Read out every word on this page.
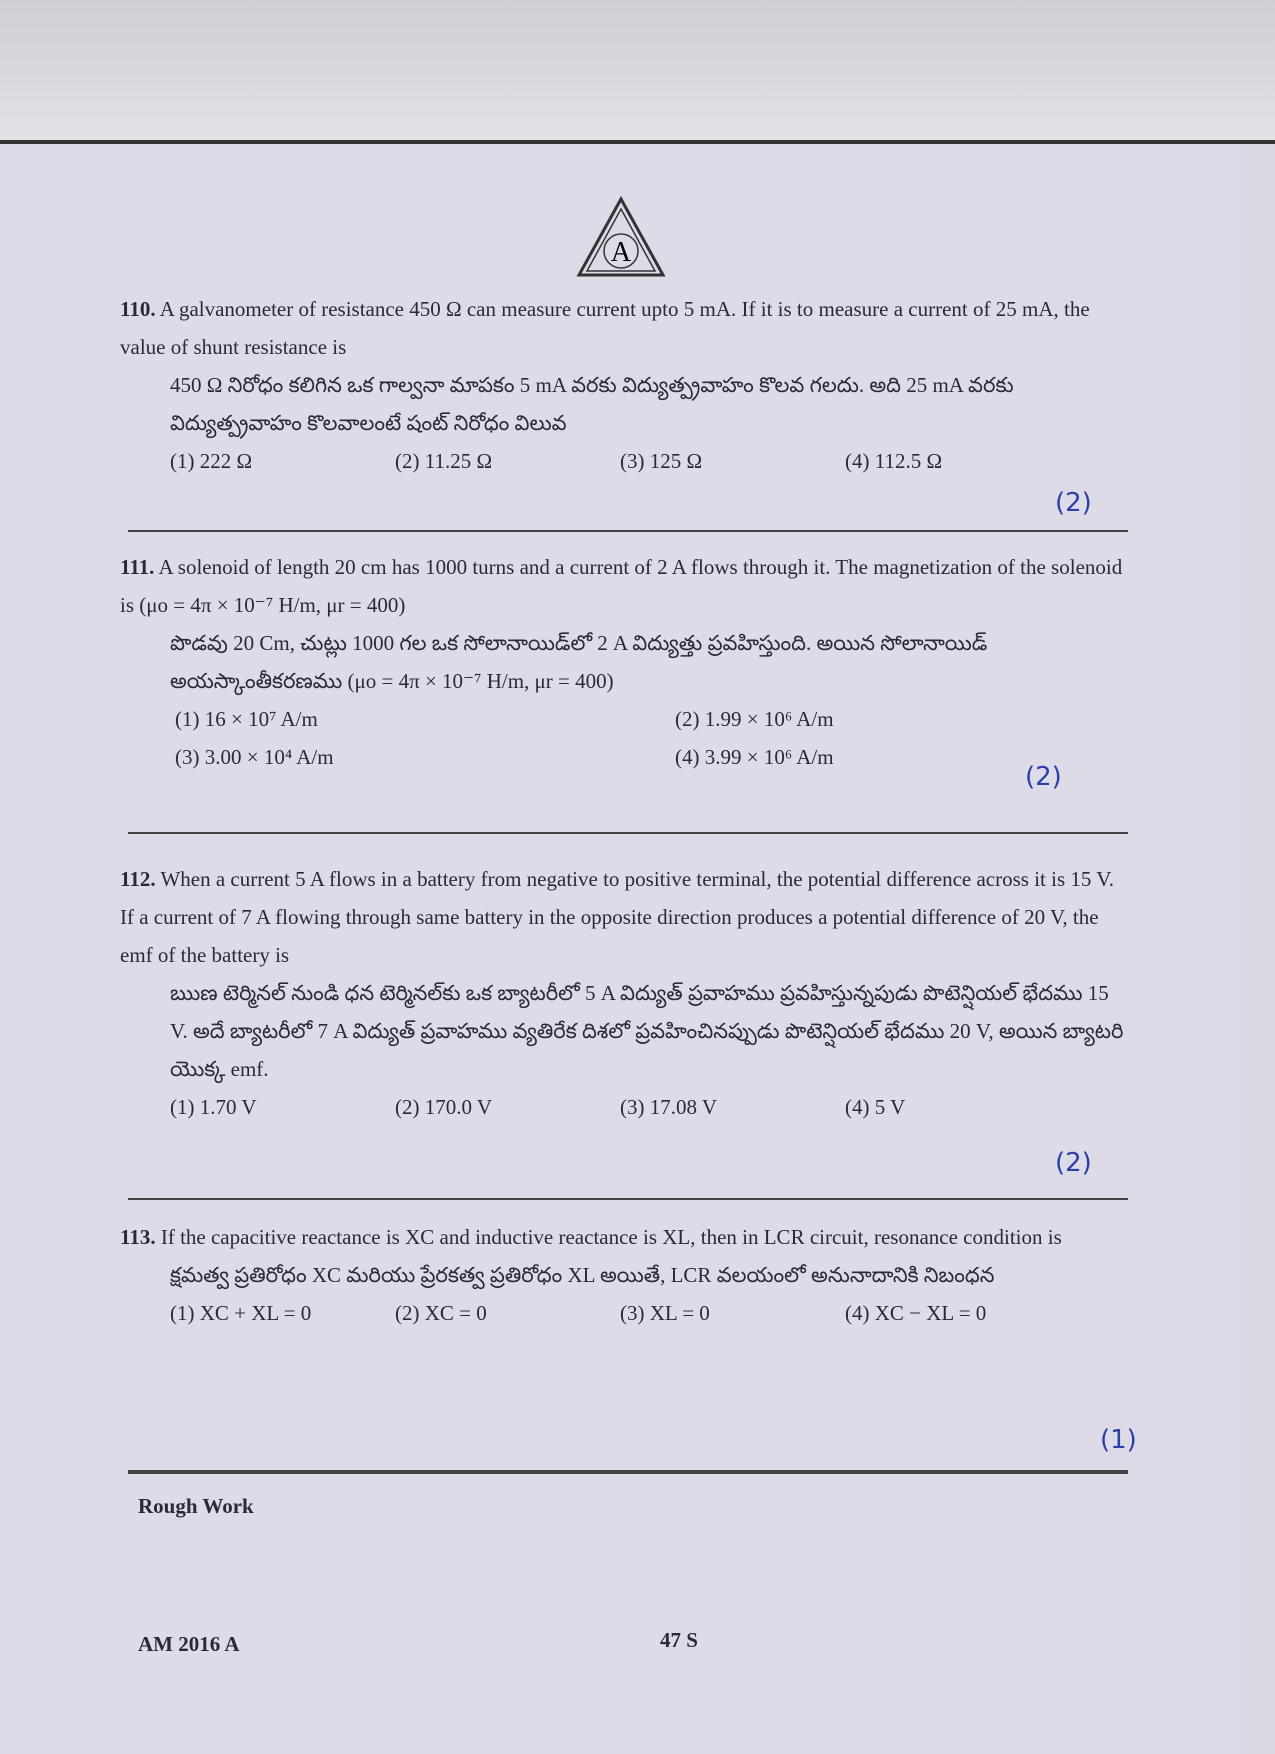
A
110. A galvanometer of resistance 450 Ω can measure current upto 5 mA. If it is to measure a current of 25 mA, the value of shunt resistance is
450 Ω నిరోధం కలిగిన ఒక గాల్వనా మాపకం 5 mA వరకు విద్యుత్ప్రవాహం కొలవ గలదు. అది 25 mA వరకు విద్యుత్ప్రవాహం కొలవాలంటే షంట్ నిరోధం విలువ
(1) 222 Ω	(2) 11.25 Ω	(3) 125 Ω	(4) 112.5 Ω
(2)
111. A solenoid of length 20 cm has 1000 turns and a current of 2 A flows through it. The magnetization of the solenoid is (μo = 4π × 10⁻⁷ H/m, μr = 400)
పొడవు 20 Cm, చుట్లు 1000 గల ఒక సోలానాయిడ్‌లో 2 A విద్యుత్తు ప్రవహిస్తుంది. అయిన సోలానాయిడ్ అయస్కాంతీకరణము (μo = 4π × 10⁻⁷ H/m, μr = 400)
(1) 16 × 10⁷ A/m	(2) 1.99 × 10⁶ A/m
(3) 3.00 × 10⁴ A/m	(4) 3.99 × 10⁶ A/m
(2)
112. When a current 5 A flows in a battery from negative to positive terminal, the potential difference across it is 15 V. If a current of 7 A flowing through same battery in the opposite direction produces a potential difference of 20 V, the emf of the battery is
ఋణ టెర్మినల్ నుండి ధన టెర్మినల్‌కు ఒక బ్యాటరీలో 5 A విద్యుత్ ప్రవాహము ప్రవహిస్తున్నపుడు పొటెన్షియల్ భేదము 15 V. అదే బ్యాటరీలో 7 A విద్యుత్ ప్రవాహము వ్యతిరేక దిశలో ప్రవహించినప్పుడు పొటెన్షియల్ భేదము 20 V, అయిన బ్యాటరి యొక్క emf.
(1) 1.70 V	(2) 170.0 V	(3) 17.08 V	(4) 5 V
(2)
113. If the capacitive reactance is XC and inductive reactance is XL, then in LCR circuit, resonance condition is
క్షమత్వ ప్రతిరోధం XC మరియు ప్రేరకత్వ ప్రతిరోధం XL అయితే, LCR వలయంలో అనునాదానికి నిబంధన
(1) XC + XL = 0	(2) XC = 0	(3) XL = 0	(4) XC − XL = 0
(1)
Rough Work
AM 2016 A	47 S
